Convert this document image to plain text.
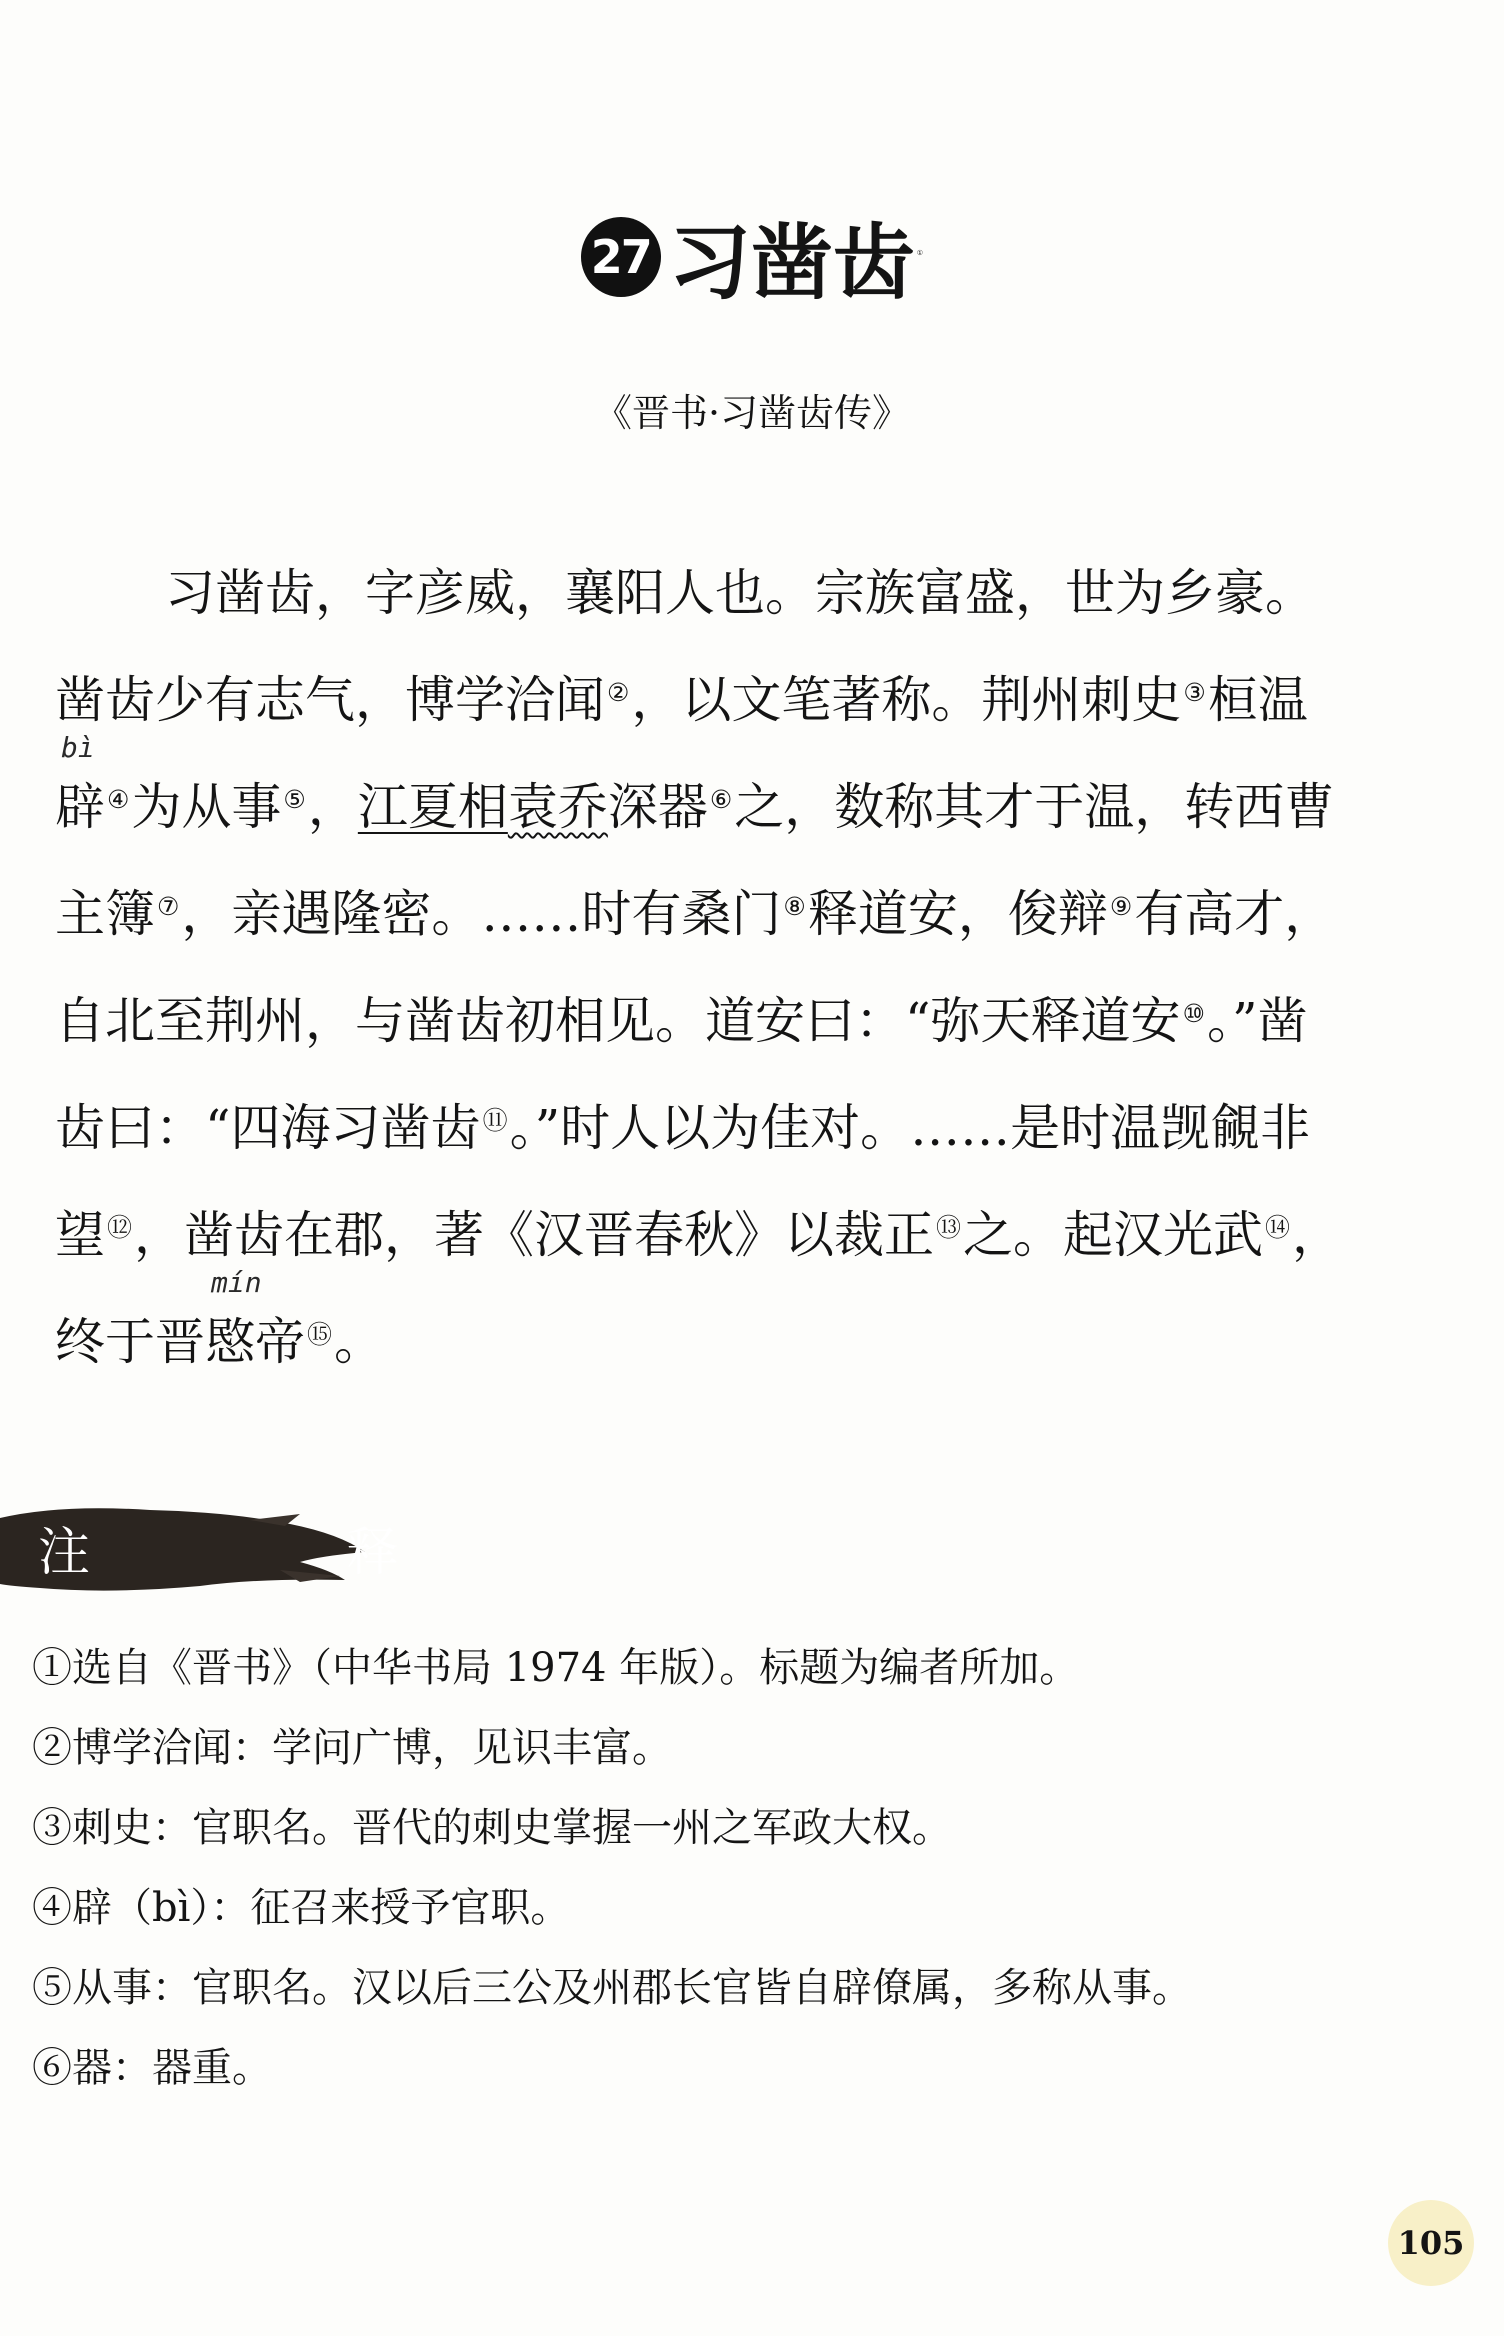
27 习凿齿 ①
《晋书·习凿齿传》
习凿齿，字彦威，襄阳人也。宗族富盛，世为乡豪。
凿齿少有志气，博学洽闻②，以文笔著称。荆州刺史③桓温
bì
辟④为从事⑤，江夏相袁乔深器⑥之，数称其才于温，转西曹
主簿⑦，亲遇隆密。……时有桑门⑧释道安，俊辩⑨有高才，
自北至荆州，与凿齿初相见。道安曰：“弥天释道安⑩。”凿
齿曰：“四海习凿齿⑪。”时人以为佳对。……是时温觊覦非
望⑫，凿齿在郡，著《汉晋春秋》以裁正⑬之。起汉光武⑭，
终于晋
mín
愍帝⑮。
注 释
①选自《晋书》（中华书局 1974 年版）。标题为编者所加。
②博学洽闻：学问广博，见识丰富。
③刺史：官职名。晋代的刺史掌握一州之军政大权。
④辟（bì）：征召来授予官职。
⑤从事：官职名。汉以后三公及州郡长官皆自辟僚属，多称从事。
⑥器：器重。
105
